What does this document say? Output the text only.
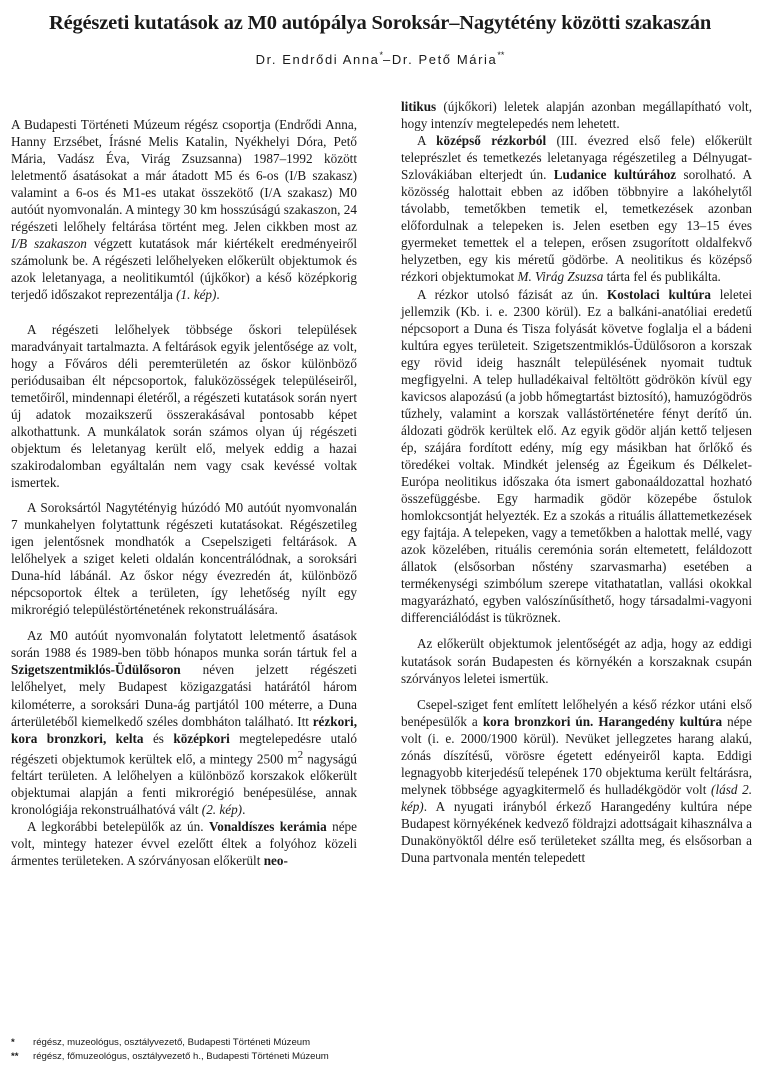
Régészeti kutatások az M0 autópálya Soroksár–Nagytétény közötti szakaszán
Dr. Endrődi Anna*–Dr. Pető Mária**

A Budapesti Történeti Múzeum régész csoportja (Endrődi Anna, Hanny Erzsébet, Írásné Melis Katalin, Nyékhelyi Dóra, Pető Mária, Vadász Éva, Virág Zsuzsanna) 1987–1992 között leletmentő ásatásokat a már átadott M5 és 6-os (I/B szakasz) valamint a 6-os és M1-es utakat összekötő (I/A szakasz) M0 autóút nyomvonalán. A mintegy 30 km hosszúságú szakaszon, 24 régészeti lelőhely feltárása történt meg. Jelen cikkben most az I/B szakaszon végzett kutatások már kiértékelt eredményeiről számolunk be. A régészeti lelőhelyeken előkerült objektumok és azok leletanyaga, a neolitikumtól (újkőkor) a késő középkorig terjedő időszakot reprezentálja (1. kép).

A régészeti lelőhelyek többsége őskori települések maradványait tartalmazta. A feltárások egyik jelentősége az volt, hogy a Főváros déli peremterületén az őskor különböző periódusaiban élt népcsoportok, faluközösségek településeiről, temetőiről, mindennapi életéről, a régészeti kutatások során nyert új adatok mozaikszerű összerakásával pontosabb képet alkothattunk. A munkálatok során számos olyan új régészeti objektum és leletanyag került elő, melyek eddig a hazai szakirodalomban egyáltalán nem vagy csak kevéssé voltak ismertek.

A Soroksártól Nagytétényig húzódó M0 autóút nyomvonalán 7 munkahelyen folytattunk régészeti kutatásokat. Régészetileg igen jelentősnek mondhatók a Csepelszigeti feltárások. A lelőhelyek a sziget keleti oldalán koncentrálódnak, a soroksári Duna-híd lábánál. Az őskor négy évezredén át, különböző népcsoportok éltek a területen, így lehetőség nyílt egy mikrorégió településtörténetének rekonstruálására.

Az M0 autóút nyomvonalán folytatott leletmentő ásatások során 1988 és 1989-ben több hónapos munka során tártuk fel a Szigetszentmiklós-Üdülősoron néven jelzett régészeti lelőhelyet, mely Budapest közigazgatási határától három kilométerre, a soroksári Duna-ág partjától 100 méterre, a Duna árterületéből kiemelkedő széles dombháton található. Itt rézkori, kora bronzkori, kelta és középkori megtelepedésre utaló régészeti objektumok kerültek elő, a mintegy 2500 $m^2$ nagyságú feltárt területen. A lelőhelyen a különböző korszakok előkerült objektumai alapján a fenti mikrorégió benépesülése, annak kronológiája rekonstruálhatóvá vált (2. kép).

A legkorábbi betelepülők az ún. Vonaldíszes kerámia népe volt, mintegy hatezer évvel ezelőtt éltek a folyóhoz közeli ármentes területeken. A szórványosan előkerült neo-

litikus (újkőkori) leletek alapján azonban megállapítható volt, hogy intenzív megtelepedés nem lehetett.

A középső rézkorból (III. évezred első fele) előkerült teleprészlet és temetkezés leletanyaga régészetileg a Délnyugat-Szlovákiában elterjedt ún. Ludanice kultúrához sorolható. A közösség halottait ebben az időben többnyire a lakóhelytől távolabb, temetőkben temetik el, temetkezések azonban előfordulnak a telepeken is. Jelen esetben egy 13–15 éves gyermeket temettek el a telepen, erősen zsugorított oldalfekvő helyzetben, egy kis méretű gödörbe. A neolitikus és középső rézkori objektumokat M. Virág Zsuzsa tárta fel és publikálta.

A rézkor utolsó fázisát az ún. Kostolaci kultúra leletei jellemzik (Kb. i. e. 2300 körül). Ez a balkáni-anatóliai eredetű népcsoport a Duna és Tisza folyását követve foglalja el a bádeni kultúra egyes területeit. Szigetszentmiklós-Üdülősoron a korszak egy rövid ideig használt településének nyomait tudtuk megfigyelni. A telep hulladékaival feltöltött gödrökön kívül egy kavicsos alapozású (a jobb hőmegtartást biztosító), hamuzógödrös tűzhely, valamint a korszak vallástörténetére fényt derítő ún. áldozati gödrök kerültek elő. Az egyik gödör alján kettő teljesen ép, szájára fordított edény, míg egy másikban hat őrlőkő és töredékei voltak. Mindkét jelenség az Égeikum és Délkelet-Európa neolitikus időszaka óta ismert gabonaáldozattal hozható összefüggésbe. Egy harmadik gödör közepébe őstulok homlokcsontját helyezték. Ez a szokás a rituális állattemetkezések egy fajtája. A telepeken, vagy a temetőkben a halottak mellé, vagy azok közelében, rituális ceremónia során eltemetett, feláldozott állatok (elsősorban nőstény szarvasmarha) esetében a termékenységi szimbólum szerepe vitathatatlan, vallási okokkal magyarázható, egyben valószínűsíthető, hogy társadalmi-vagyoni differenciálódást is tükröznek.

Az előkerült objektumok jelentőségét az adja, hogy az eddigi kutatások során Budapesten és környékén a korszaknak csupán szórványos leletei ismertük.

Csepel-sziget fent említett lelőhelyén a késő rézkor utáni első benépesülők a kora bronzkori ún. Harangedény kultúra népe volt (i. e. 2000/1900 körül). Nevüket jellegzetes harang alakú, zónás díszítésű, vörösre égetett edényeiről kapta. Eddigi legnagyobb kiterjedésű telepének 170 objektuma került feltárásra, melynek többsége agyagkitermelő és hulladékgödör volt (lásd 2. kép). A nyugati irányból érkező Harangedény kultúra népe Budapest környékének kedvező földrajzi adottságait kihasználva a Dunakönyöktől délre eső területeket szállta meg, és elsősorban a Duna partvonala mentén telepedett

*	régész, muzeológus, osztályvezető, Budapesti Történeti Múzeum
**	régész, főmuzeológus, osztályvezető h., Budapesti Történeti Múzeum
